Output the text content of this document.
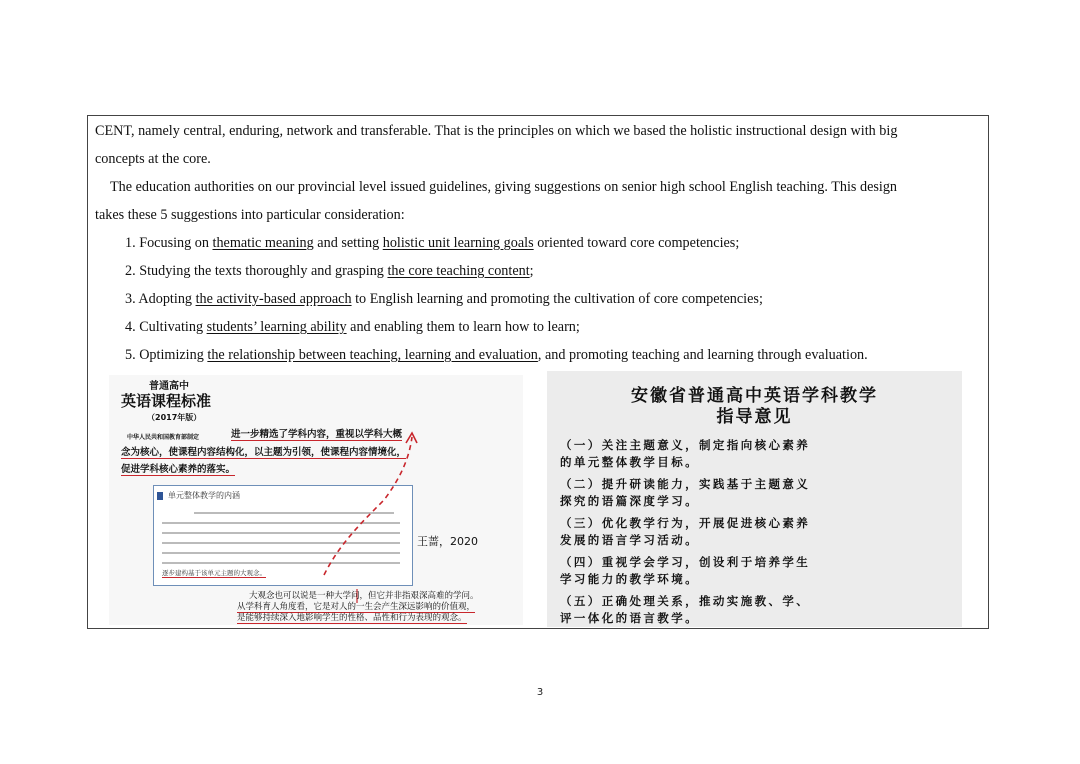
CENT, namely central, enduring, network and transferable. That is the principles on which we based the holistic instructional design with big
concepts at the core.
The education authorities on our provincial level issued guidelines, giving suggestions on senior high school English teaching. This design
takes these 5 suggestions into particular consideration:
1. Focusing on thematic meaning and setting holistic unit learning goals oriented toward core competencies;
2. Studying the texts thoroughly and grasping the core teaching content;
3. Adopting the activity-based approach to English learning and promoting the cultivation of core competencies;
4. Cultivating students’ learning ability and enabling them to learn how to learn;
5. Optimizing the relationship between teaching, learning and evaluation, and promoting teaching and learning through evaluation.
普通高中
英语课程标准
（2017年版）
中华人民共和国教育部制定	进一步精选了学科内容，重视以学科大概
念为核心，使课程内容结构化，以主题为引领，使课程内容情境化，
促进学科核心素养的落实。
单元整体教学的内涵
逐步建构基于该单元主题的大观念。
王蔷，2020
大观念也可以说是一种大学问，但它并非指艰深高难的学问。
从学科育人角度看，它是对人的一生会产生深远影响的价值观，
是能够持续深入地影响学生的性格、品性和行为表现的观念。
安徽省普通高中英语学科教学
指导意见
（一）关注主题意义，制定指向核心素养
的单元整体教学目标。
（二）提升研读能力，实践基于主题意义
探究的语篇深度学习。
（三）优化教学行为，开展促进核心素养
发展的语言学习活动。
（四）重视学会学习，创设利于培养学生
学习能力的教学环境。
（五）正确处理关系，推动实施教、学、
评一体化的语言教学。
3
